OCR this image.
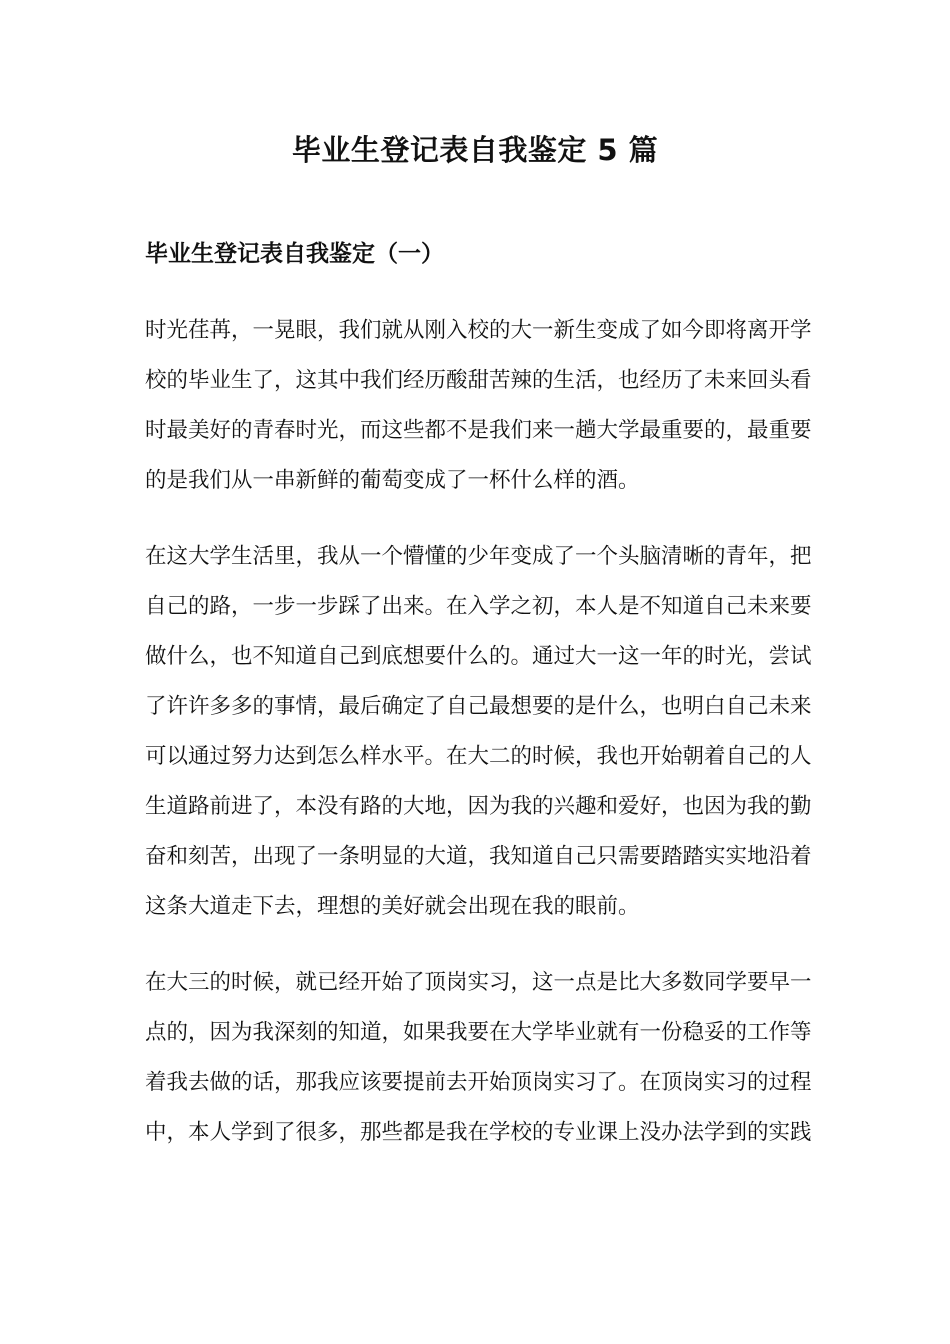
毕业生登记表自我鉴定 5 篇
毕业生登记表自我鉴定（一）
时光荏苒，一晃眼，我们就从刚入校的大一新生变成了如今即将离开学
校的毕业生了，这其中我们经历酸甜苦辣的生活，也经历了未来回头看
时最美好的青春时光，而这些都不是我们来一趟大学最重要的，最重要
的是我们从一串新鲜的葡萄变成了一杯什么样的酒。
在这大学生活里，我从一个懵懂的少年变成了一个头脑清晰的青年，把
自己的路，一步一步踩了出来。在入学之初，本人是不知道自己未来要
做什么，也不知道自己到底想要什么的。通过大一这一年的时光，尝试
了许许多多的事情，最后确定了自己最想要的是什么，也明白自己未来
可以通过努力达到怎么样水平。在大二的时候，我也开始朝着自己的人
生道路前进了，本没有路的大地，因为我的兴趣和爱好，也因为我的勤
奋和刻苦，出现了一条明显的大道，我知道自己只需要踏踏实实地沿着
这条大道走下去，理想的美好就会出现在我的眼前。
在大三的时候，就已经开始了顶岗实习，这一点是比大多数同学要早一
点的，因为我深刻的知道，如果我要在大学毕业就有一份稳妥的工作等
着我去做的话，那我应该要提前去开始顶岗实习了。在顶岗实习的过程
中，本人学到了很多，那些都是我在学校的专业课上没办法学到的实践
